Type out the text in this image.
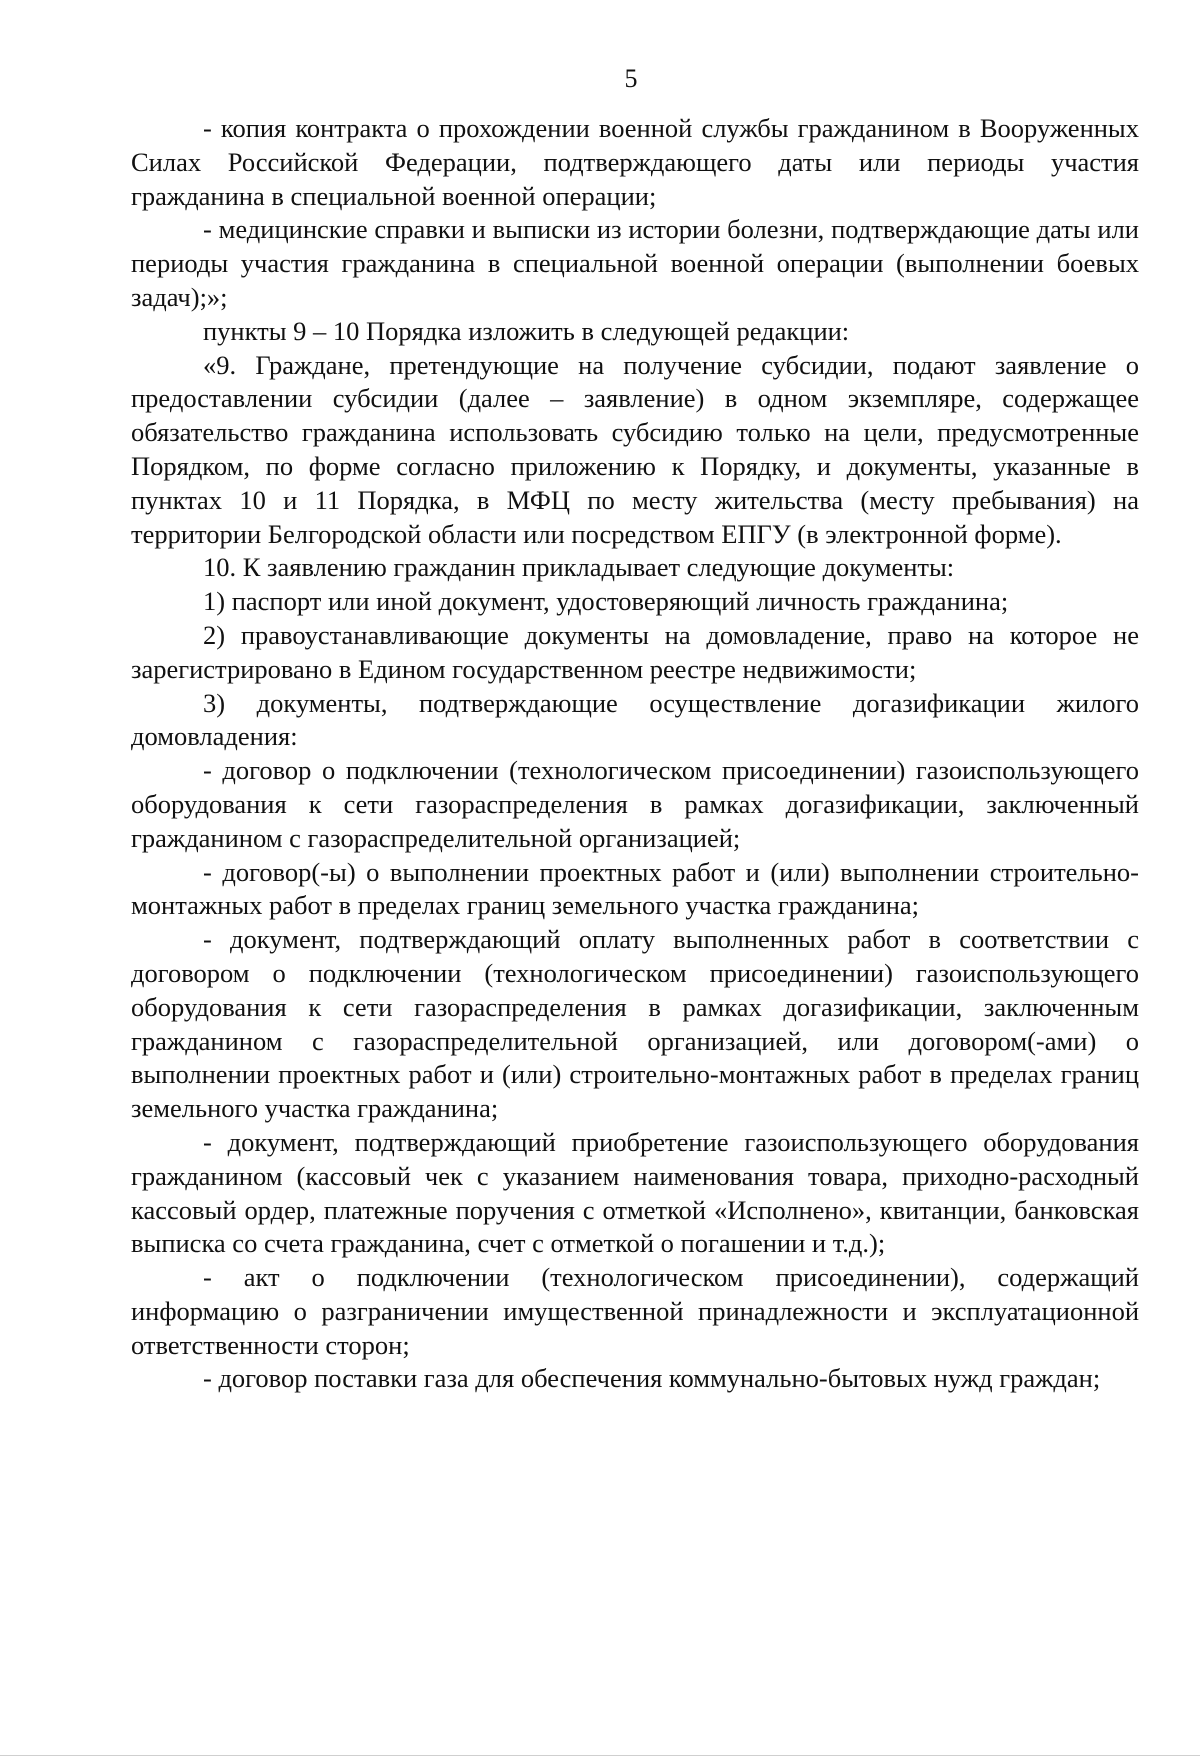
5

- копия контракта о прохождении военной службы гражданином в Вооруженных Силах Российской Федерации, подтверждающего даты или периоды участия гражданина в специальной военной операции;

- медицинские справки и выписки из истории болезни, подтверждающие даты или периоды участия гражданина в специальной военной операции (выполнении боевых задач);»;

пункты 9 – 10 Порядка изложить в следующей редакции:

«9. Граждане, претендующие на получение субсидии, подают заявление о предоставлении субсидии (далее – заявление) в одном экземпляре, содержащее обязательство гражданина использовать субсидию только на цели, предусмотренные Порядком, по форме согласно приложению к Порядку, и документы, указанные в пунктах 10 и 11 Порядка, в МФЦ по месту жительства (месту пребывания) на территории Белгородской области или посредством ЕПГУ (в электронной форме).

10. К заявлению гражданин прикладывает следующие документы:

1) паспорт или иной документ, удостоверяющий личность гражданина;

2) правоустанавливающие документы на домовладение, право на которое не зарегистрировано в Едином государственном реестре недвижимости;

3) документы, подтверждающие осуществление догазификации жилого домовладения:

- договор о подключении (технологическом присоединении) газоиспользующего оборудования к сети газораспределения в рамках догазификации, заключенный гражданином с газораспределительной организацией;

- договор(-ы) о выполнении проектных работ и (или) выполнении строительно-монтажных работ в пределах границ земельного участка гражданина;

- документ, подтверждающий оплату выполненных работ в соответствии с договором о подключении (технологическом присоединении) газоиспользующего оборудования к сети газораспределения в рамках догазификации, заключенным гражданином с газораспределительной организацией, или договором(-ами) о выполнении проектных работ и (или) строительно-монтажных работ в пределах границ земельного участка гражданина;

- документ, подтверждающий приобретение газоиспользующего оборудования гражданином (кассовый чек с указанием наименования товара, приходно-расходный кассовый ордер, платежные поручения с отметкой «Исполнено», квитанции, банковская выписка со счета гражданина, счет с отметкой о погашении и т.д.);

- акт о подключении (технологическом присоединении), содержащий информацию о разграничении имущественной принадлежности и эксплуатационной ответственности сторон;

- договор поставки газа для обеспечения коммунально-бытовых нужд граждан;
